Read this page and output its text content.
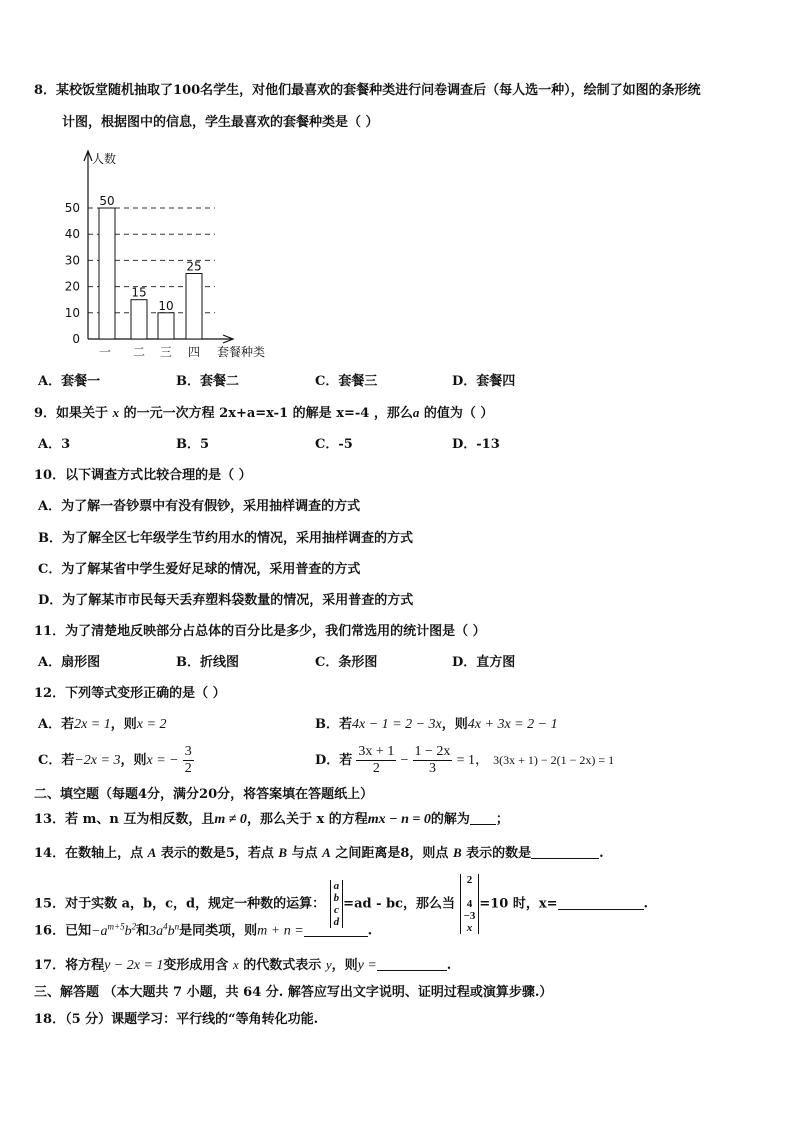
8．某校饭堂随机抽取了100名学生，对他们最喜欢的套餐种类进行问卷调查后（每人选一种），绘制了如图的条形统
计图，根据图中的信息，学生最喜欢的套餐种类是（ ）
0
10
20
30
40
50
人数
套餐种类
50
一
15
二
10
三
25
四
A．套餐一	B．套餐二	C．套餐三	D．套餐四
9．如果关于 x 的一元一次方程 2x+a=x-1 的解是 x=-4 ，那么a 的值为（ ）
A．3	B．5	C．-5	D．-13
10．以下调查方式比较合理的是（ ）
A．为了解一沓钞票中有没有假钞，采用抽样调查的方式
B．为了解全区七年级学生节约用水的情况，采用抽样调查的方式
C．为了解某省中学生爱好足球的情况，采用普查的方式
D．为了解某市市民每天丢弃塑料袋数量的情况，采用普查的方式
11．为了清楚地反映部分占总体的百分比是多少，我们常选用的统计图是（ ）
A．扇形图	B．折线图	C．条形图	D．直方图
12．下列等式变形正确的是（ ）
A．若2x = 1，则x = 2	B．若4x − 1 = 2 − 3x，则4x + 3x = 2 − 1
C．若−2x = 3，则x = − $\frac{3}{2}$	D．若 $\frac{3x + 1}{2} - \frac{1 - 2x}{3} = 1$， 3(3x + 1) − 2(1 − 2x) = 1
二、填空题（每题4分，满分20分，将答案填在答题纸上）
13．若 m、n 互为相反数，且m ≠ 0，那么关于 x 的方程mx − n = 0的解为 ；
14．在数轴上，点 A 表示的数是5，若点 B 与点 A 之间距离是8，则点 B 表示的数是	.
15．对于实数 a，b，c，d，规定一种数的运算：
a
b
c
d
=ad - bc，那么当
2

4
−3
x
=10 时，x=	.
16．已知$-a^{m+5}b^2$和$3a^4b^n$是同类项，则m + n =	.
17．将方程y − 2x = 1变形成用含 x 的代数式表示 y，则y =	.
三、解答题 （本大题共 7 小题，共 64 分. 解答应写出文字说明、证明过程或演算步骤.）
18．（5 分）课题学习：平行线的“等角转化功能.
